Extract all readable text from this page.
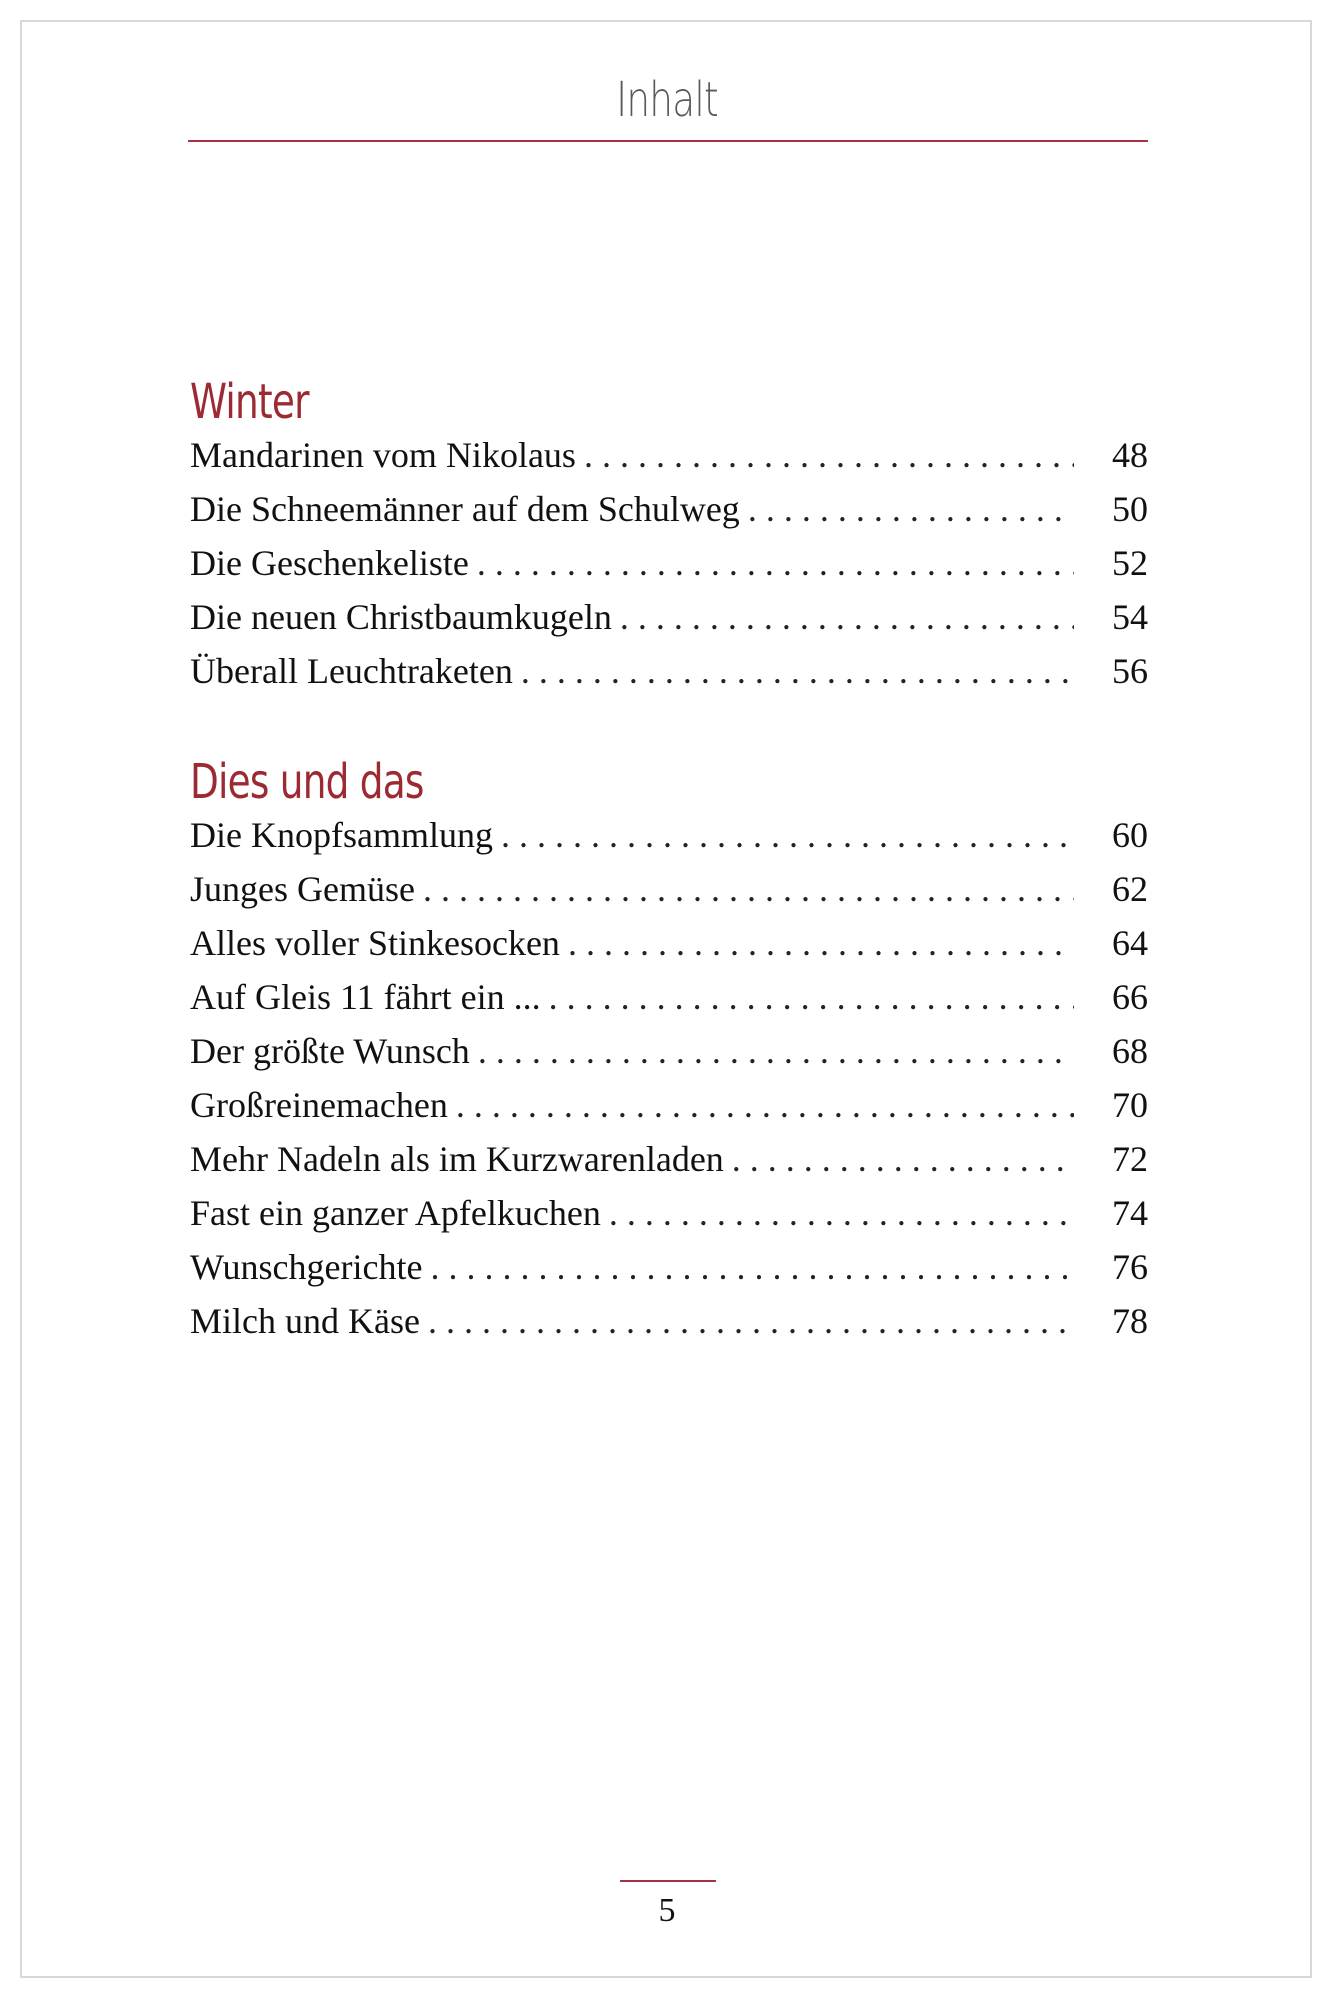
Inhalt
Winter
Mandarinen vom Nikolaus . . .	48
Die Schneemänner auf dem Schulweg . . .	50
Die Geschenkeliste . . .	52
Die neuen Christbaumkugeln . . .	54
Überall Leuchtraketen . . .	56
Dies und das
Die Knopfsammlung . . .	60
Junges Gemüse . . .	62
Alles voller Stinkesocken . . .	64
Auf Gleis 11 fährt ein ... . . .	66
Der größte Wunsch . . .	68
Großreinemachen . . .	70
Mehr Nadeln als im Kurzwarenladen . . .	72
Fast ein ganzer Apfelkuchen . . .	74
Wunschgerichte . . .	76
Milch und Käse . . .	78
5
